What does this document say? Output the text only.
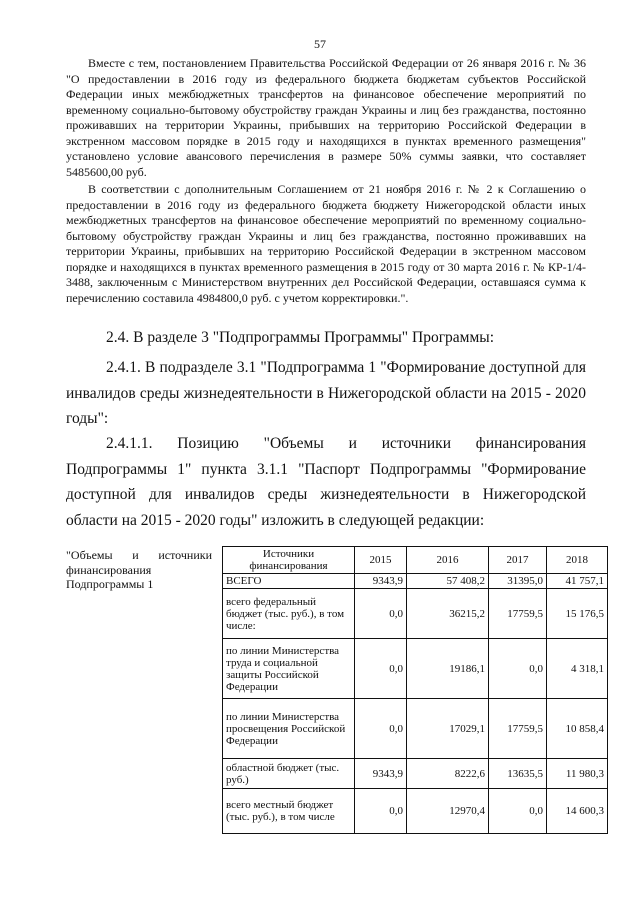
57

Вместе с тем, постановлением Правительства Российской Федерации от 26 января 2016 г. № 36 "О предоставлении в 2016 году из федерального бюджета бюджетам субъектов Российской Федерации иных межбюджетных трансфертов на финансовое обеспечение мероприятий по временному социально-бытовому обустройству граждан Украины и лиц без гражданства, постоянно проживавших на территории Украины, прибывших на территорию Российской Федерации в экстренном массовом порядке в 2015 году и находящихся в пунктах временного размещения" установлено условие авансового перечисления в размере 50% суммы заявки, что составляет 5485600,00 руб.

В соответствии с дополнительным Соглашением от 21 ноября 2016 г. № 2 к Соглашению о предоставлении в 2016 году из федерального бюджета бюджету Нижегородской области иных межбюджетных трансфертов на финансовое обеспечение мероприятий по временному социально-бытовому обустройству граждан Украины и лиц без гражданства, постоянно проживавших на территории Украины, прибывших на территорию Российской Федерации в экстренном массовом порядке и находящихся в пунктах временного размещения в 2015 году от 30 марта 2016 г. № КР-1/4-3488, заключенным с Министерством внутренних дел Российской Федерации, оставшаяся сумма к перечислению составила 4984800,0 руб. с учетом корректировки.".

2.4. В разделе 3 "Подпрограммы Программы" Программы:

2.4.1. В подразделе 3.1 "Подпрограмма 1 "Формирование доступной для инвалидов среды жизнедеятельности в Нижегородской области на 2015 - 2020 годы":

2.4.1.1. Позицию "Объемы и источники финансирования Подпрограммы 1" пункта 3.1.1 "Паспорт Подпрограммы "Формирование доступной для инвалидов среды жизнедеятельности в Нижегородской области на 2015 - 2020 годы" изложить в следующей редакции:

"Объемы и источники финансирования Подпрограммы 1
Источники финансирования	2015	2016	2017	2018
ВСЕГО	9343,9	57 408,2	31395,0	41 757,1
всего федеральный бюджет (тыс. руб.), в том числе:	0,0	36215,2	17759,5	15 176,5
по линии Министерства труда и социальной защиты Российской Федерации	0,0	19186,1	0,0	4 318,1
по линии Министерства просвещения Российской Федерации	0,0	17029,1	17759,5	10 858,4
областной бюджет (тыс. руб.)	9343,9	8222,6	13635,5	11 980,3
всего местный бюджет (тыс. руб.), в том числе	0,0	12970,4	0,0	14 600,3
